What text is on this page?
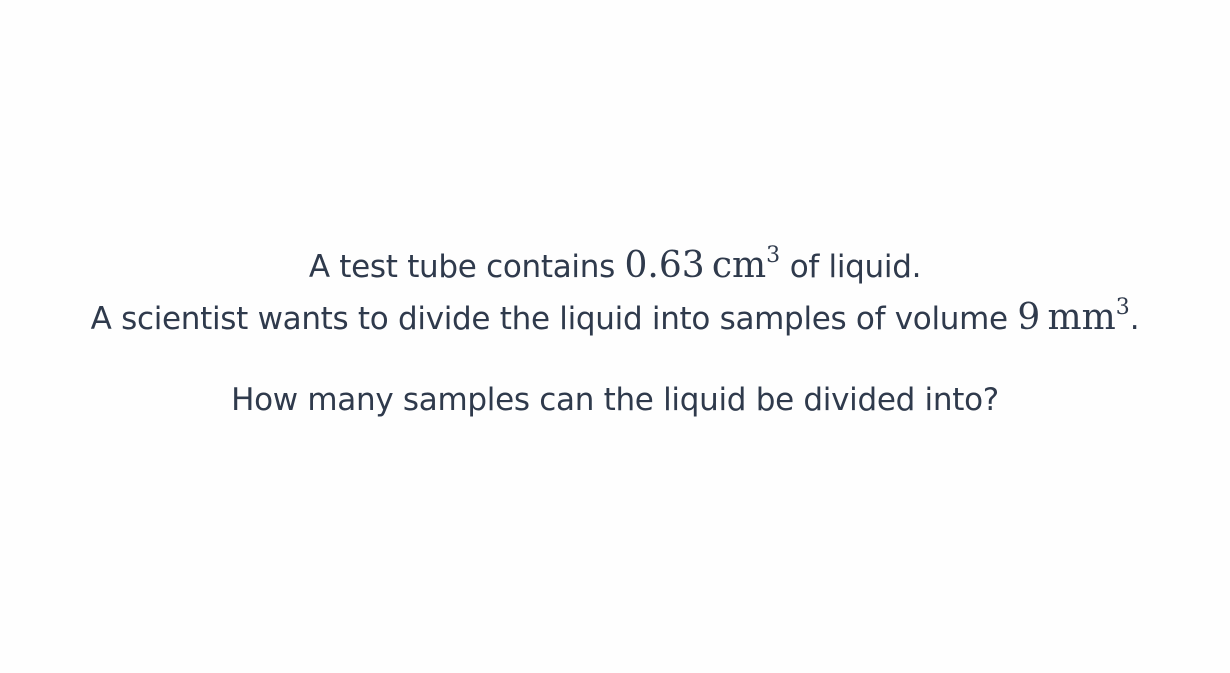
A test tube contains 0.63  $cm^3$ of liquid.
A scientist wants to divide the liquid into samples of volume 9  $mm^3$.
How many samples can the liquid be divided into?
